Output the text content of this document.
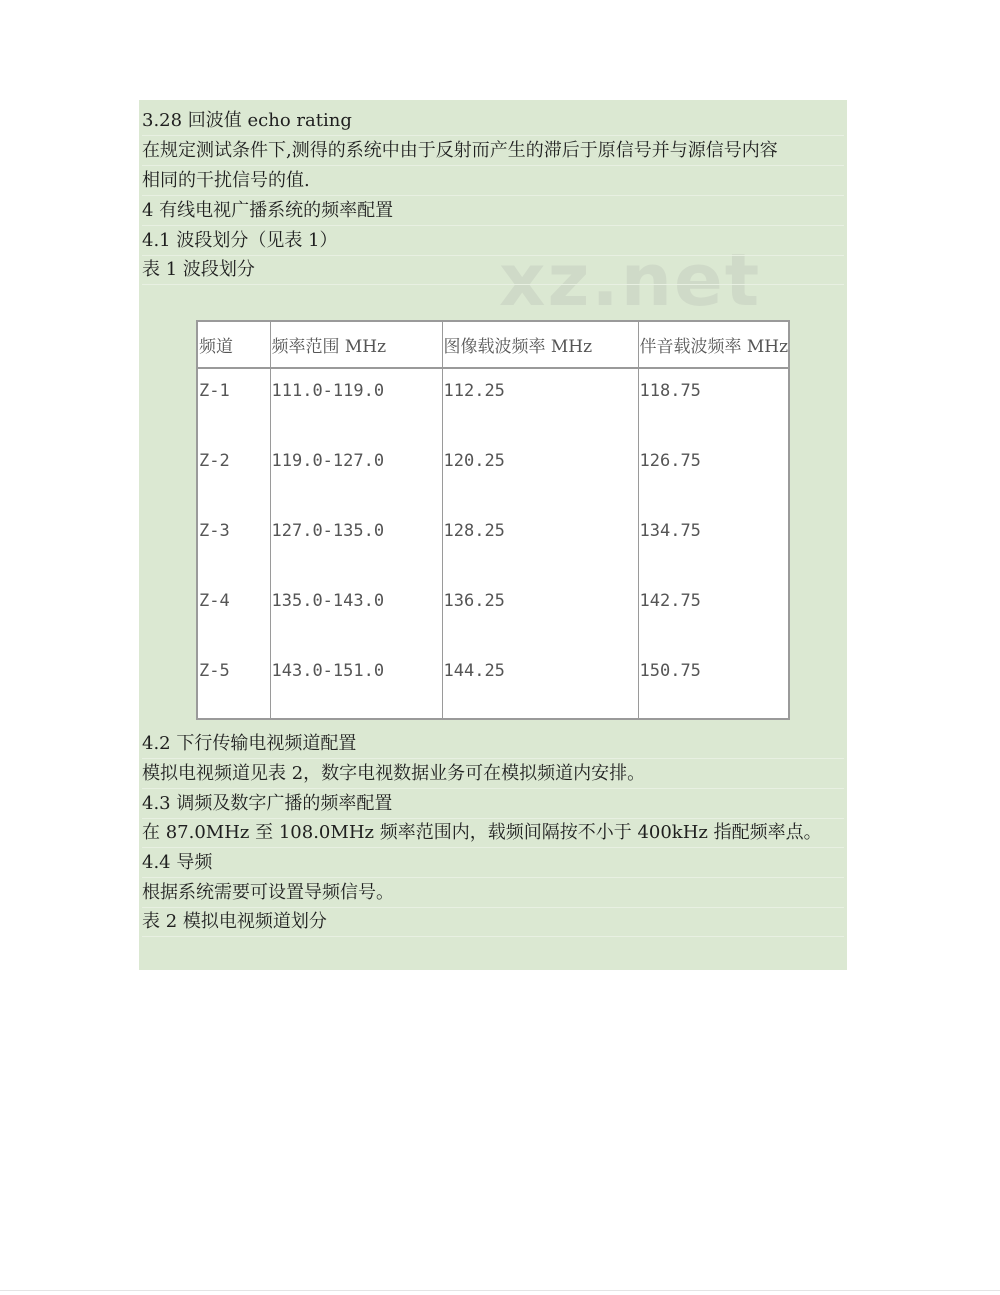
xz.net
3.28 回波值 echo rating
在规定测试条件下,测得的系统中由于反射而产生的滞后于原信号并与源信号内容
相同的干扰信号的值.
4 有线电视广播系统的频率配置
4.1 波段划分（见表 1）
表 1 波段划分
频道	频率范围 MHz	图像载波频率 MHz	伴音载波频率 MHz
Z-1	111.0-119.0	112.25	118.75
Z-2	119.0-127.0	120.25	126.75
Z-3	127.0-135.0	128.25	134.75
Z-4	135.0-143.0	136.25	142.75
Z-5	143.0-151.0	144.25	150.75
4.2 下行传输电视频道配置
模拟电视频道见表 2，数字电视数据业务可在模拟频道内安排。
4.3 调频及数字广播的频率配置
在 87.0MHz 至 108.0MHz 频率范围内，载频间隔按不小于 400kHz 指配频率点。
4.4 导频
根据系统需要可设置导频信号。
表 2 模拟电视频道划分
